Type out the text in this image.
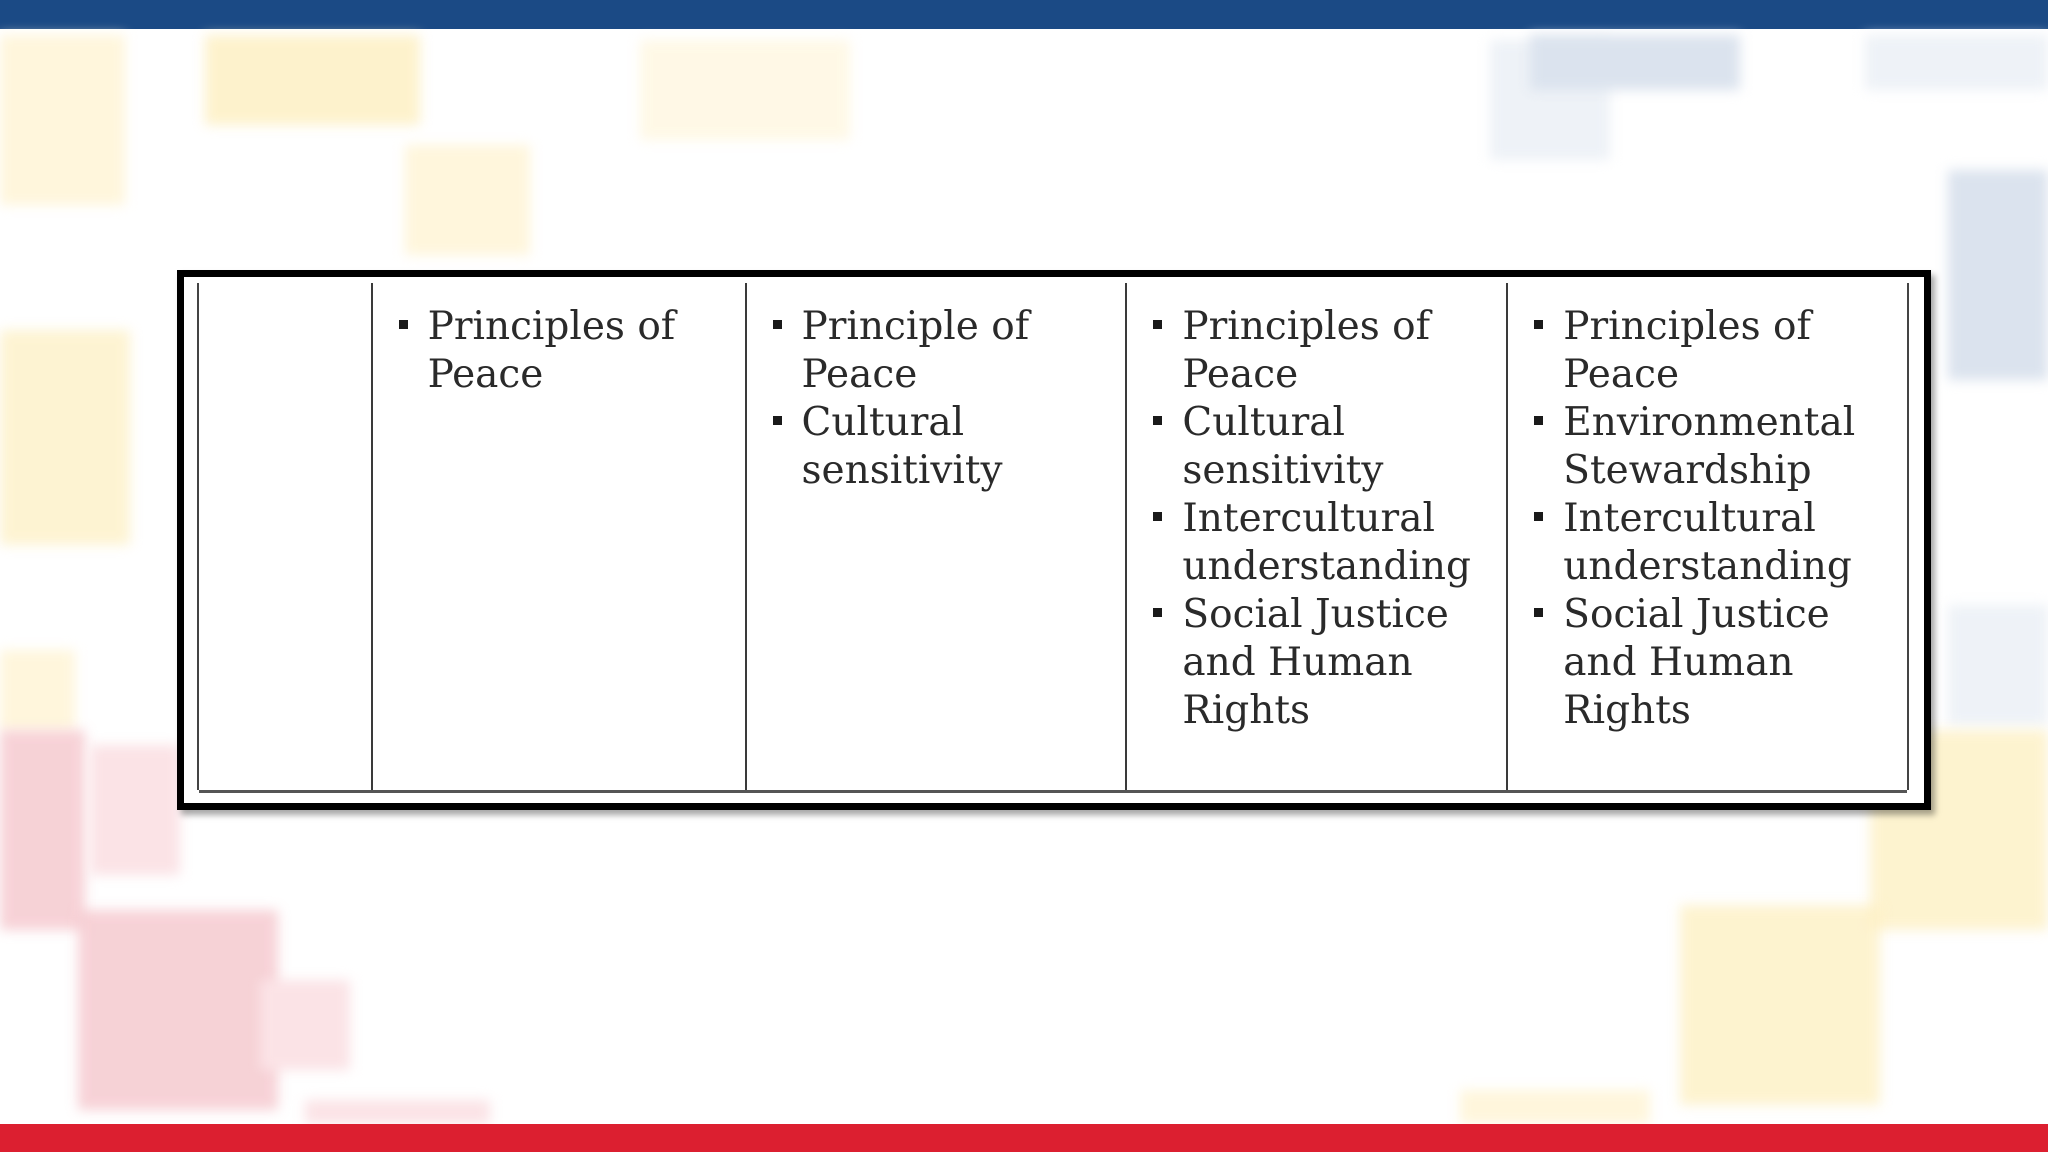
Principles of Peace
Principle of Peace
Cultural sensitivity
Principles of Peace
Cultural sensitivity
Intercultural understanding
Social Justice and Human Rights
Principles of Peace
Environmental Stewardship
Intercultural understanding
Social Justice and Human Rights
